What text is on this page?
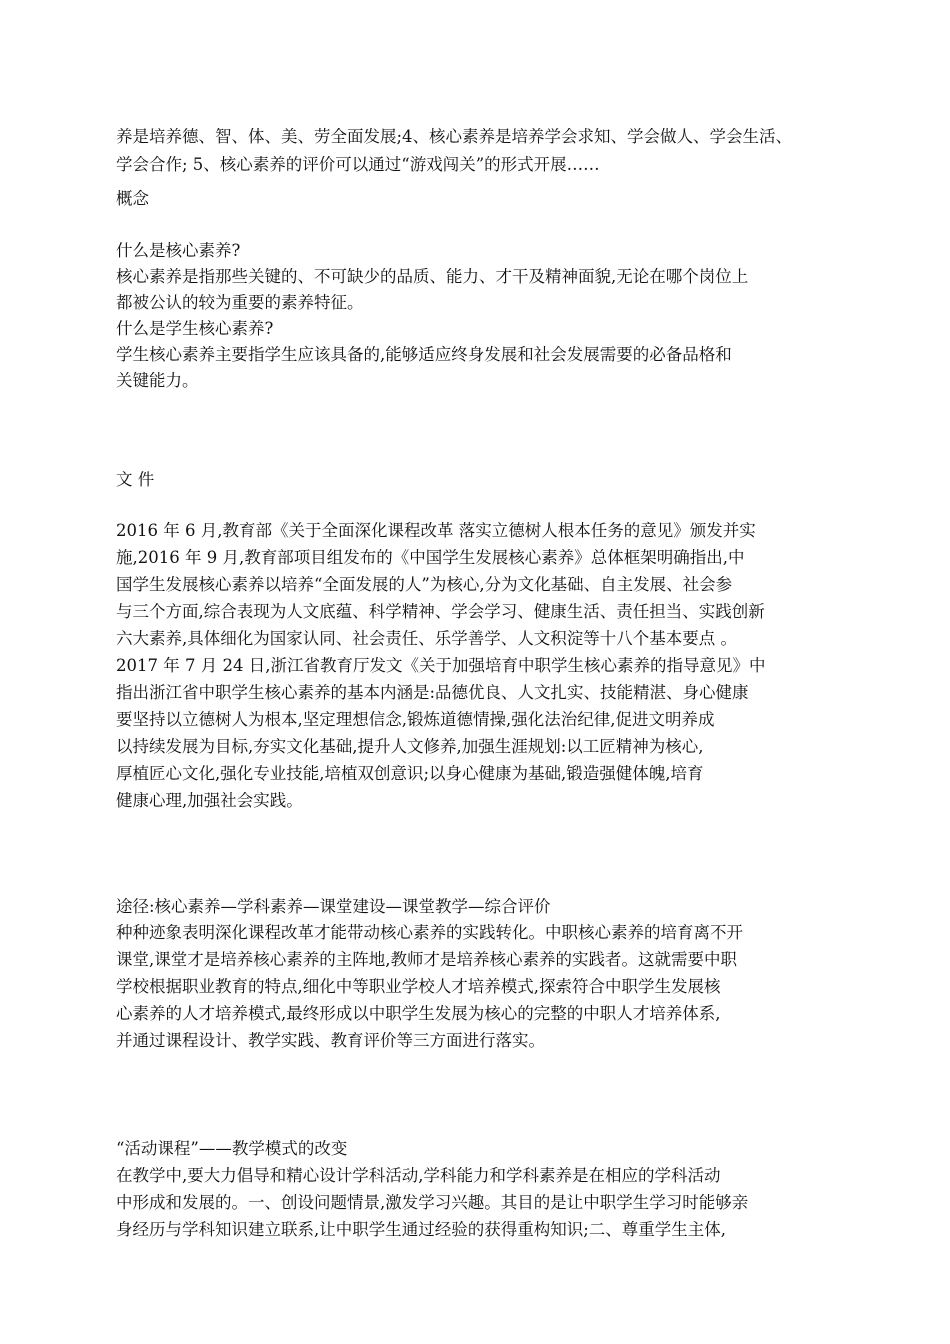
养是培养德、智、体、美、劳全面发展;4、核心素养是培养学会求知、学会做人、学会生活、
学会合作; 5、核心素养的评价可以通过“游戏闯关”的形式开展……
概念
什么是核心素养?
核心素养是指那些关键的、不可缺少的品质、能力、才干及精神面貌,无论在哪个岗位上
都被公认的较为重要的素养特征。
什么是学生核心素养?
学生核心素养主要指学生应该具备的,能够适应终身发展和社会发展需要的必备品格和
关键能力。
文 件
2016 年 6 月,教育部《关于全面深化课程改革 落实立德树人根本任务的意见》颁发并实
施,2016 年 9 月,教育部项目组发布的《中国学生发展核心素养》总体框架明确指出,中
国学生发展核心素养以培养“全面发展的人”为核心,分为文化基础、自主发展、社会参
与三个方面,综合表现为人文底蕴、科学精神、学会学习、健康生活、责任担当、实践创新
六大素养,具体细化为国家认同、社会责任、乐学善学、人文积淀等十八个基本要点 。
2017 年 7 月 24 日,浙江省教育厅发文《关于加强培育中职学生核心素养的指导意见》中
指出浙江省中职学生核心素养的基本内涵是:品德优良、人文扎实、技能精湛、身心健康
要坚持以立德树人为根本,坚定理想信念,锻炼道德情操,强化法治纪律,促进文明养成
以持续发展为目标,夯实文化基础,提升人文修养,加强生涯规划:以工匠精神为核心,
厚植匠心文化,强化专业技能,培植双创意识;以身心健康为基础,锻造强健体魄,培育
健康心理,加强社会实践。
途径:核心素养—学科素养—课堂建设—课堂教学—综合评价
种种迹象表明深化课程改革才能带动核心素养的实践转化。中职核心素养的培育离不开
课堂,课堂才是培养核心素养的主阵地,教师才是培养核心素养的实践者。这就需要中职
学校根据职业教育的特点,细化中等职业学校人才培养模式,探索符合中职学生发展核
心素养的人才培养模式,最终形成以中职学生发展为核心的完整的中职人才培养体系,
并通过课程设计、教学实践、教育评价等三方面进行落实。
“活动课程”——教学模式的改变
在教学中,要大力倡导和精心设计学科活动,学科能力和学科素养是在相应的学科活动
中形成和发展的。一、创设问题情景,激发学习兴趣。其目的是让中职学生学习时能够亲
身经历与学科知识建立联系,让中职学生通过经验的获得重构知识;二、尊重学生主体,
